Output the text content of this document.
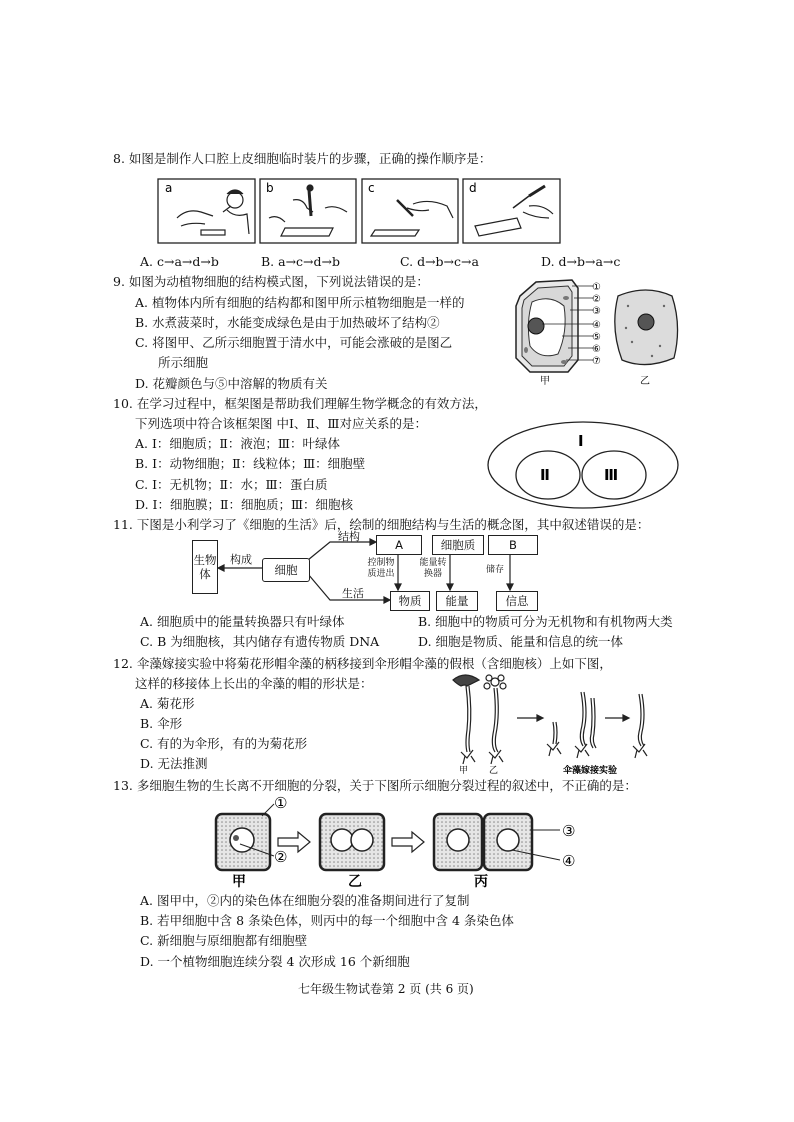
8. 如图是制作人口腔上皮细胞临时装片的步骤，正确的操作顺序是：
a	b	c	d
A. c→a→d→b	B. a→c→d→b	C. d→b→c→a	D. d→b→a→c
9. 如图为动植物细胞的结构模式图，下列说法错误的是：
A. 植物体内所有细胞的结构都和图甲所示植物细胞是一样的
B. 水煮菠菜时，水能变成绿色是由于加热破坏了结构②
C. 将图甲、乙所示细胞置于清水中，可能会涨破的是图乙
所示细胞
D. 花瓣颜色与⑤中溶解的物质有关
①
②
③
④
⑤
⑥
⑦
甲	乙
10. 在学习过程中，框架图是帮助我们理解生物学概念的有效方法，
下列选项中符合该框架图 中Ⅰ、Ⅱ、Ⅲ对应关系的是：
A. Ⅰ：细胞质；Ⅱ：液泡；Ⅲ：叶绿体
B. Ⅰ：动物细胞；Ⅱ：线粒体；Ⅲ：细胞壁
C. Ⅰ：无机物；Ⅱ：水；Ⅲ：蛋白质
D. Ⅰ：细胞膜；Ⅱ：细胞质；Ⅲ：细胞核
Ⅰ
Ⅱ	Ⅲ
11. 下图是小利学习了《细胞的生活》后，绘制的细胞结构与生活的概念图，其中叙述错误的是：
生物体
构成
细胞
结构
生活
A	细胞质	B
控制物质进出
能量转换器	储存
物质	能量	信息
A. 细胞质中的能量转换器只有叶绿体	B. 细胞中的物质可分为无机物和有机物两大类
C. B 为细胞核，其内储存有遗传物质 DNA	D. 细胞是物质、能量和信息的统一体
12. 伞藻嫁接实验中将菊花形帽伞藻的柄移接到伞形帽伞藻的假根（含细胞核）上如下图，
这样的移接体上长出的伞藻的帽的形状是：
A. 菊花形
B. 伞形
C. 有的为伞形，有的为菊花形
D. 无法推测	甲 乙	伞藻嫁接实验
13. 多细胞生物的生长离不开细胞的分裂，关于下图所示细胞分裂过程的叙述中，不正确的是：
①
②
③
④
甲	乙	丙
A. 图甲中，②内的染色体在细胞分裂的准备期间进行了复制
B. 若甲细胞中含 8 条染色体，则丙中的每一个细胞中含 4 条染色体
C. 新细胞与原细胞都有细胞壁
D. 一个植物细胞连续分裂 4 次形成 16 个新细胞
七年级生物试卷第 2 页 (共 6 页)
